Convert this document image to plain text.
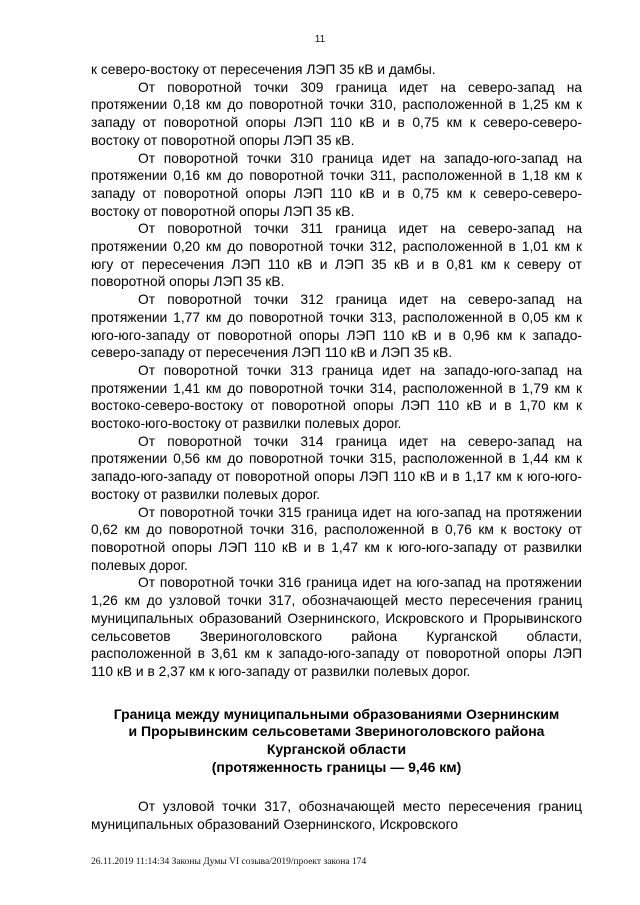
11

к северо-востоку от пересечения ЛЭП 35 кВ и дамбы.

От поворотной точки 309 граница идет на северо-запад на протяжении 0,18 км до поворотной точки 310, расположенной в 1,25 км к западу от поворотной опоры ЛЭП 110 кВ и в 0,75 км к северо-северо-востоку от поворотной опоры ЛЭП 35 кВ.

От поворотной точки 310 граница идет на западо-юго-запад на протяжении 0,16 км до поворотной точки 311, расположенной в 1,18 км к западу от поворотной опоры ЛЭП 110 кВ и в 0,75 км к северо-северо-востоку от поворотной опоры ЛЭП 35 кВ.

От поворотной точки 311 граница идет на северо-запад на протяжении 0,20 км до поворотной точки 312, расположенной в 1,01 км к югу от пересечения ЛЭП 110 кВ и ЛЭП 35 кВ и в 0,81 км к северу от поворотной опоры ЛЭП 35 кВ.

От поворотной точки 312 граница идет на северо-запад на протяжении 1,77 км до поворотной точки 313, расположенной в 0,05 км к юго-юго-западу от поворотной опоры ЛЭП 110 кВ и в 0,96 км к западо-северо-западу от пересечения ЛЭП 110 кВ и ЛЭП 35 кВ.

От поворотной точки 313 граница идет на западо-юго-запад на протяжении 1,41 км до поворотной точки 314, расположенной в 1,79 км к востоко-северо-востоку от поворотной опоры ЛЭП 110 кВ и в 1,70 км к востоко-юго-востоку от развилки полевых дорог.

От поворотной точки 314 граница идет на северо-запад на протяжении 0,56 км до поворотной точки 315, расположенной в 1,44 км к западо-юго-западу от поворотной опоры ЛЭП 110 кВ и в 1,17 км к юго-юго-востоку от развилки полевых дорог.

От поворотной точки 315 граница идет на юго-запад на протяжении 0,62 км до поворотной точки 316, расположенной в 0,76 км к востоку от поворотной опоры ЛЭП 110 кВ и в 1,47 км к юго-юго-западу от развилки полевых дорог.

От поворотной точки 316 граница идет на юго-запад на протяжении 1,26 км до узловой точки 317, обозначающей место пересечения границ муниципальных образований Озернинского, Искровского и Прорывинского сельсоветов Звериноголовского района Курганской области, расположенной в 3,61 км к западо-юго-западу от поворотной опоры ЛЭП 110 кВ и в 2,37 км к юго-западу от развилки полевых дорог.

Граница между муниципальными образованиями Озернинским
и Прорывинским сельсоветами Звериноголовского района
Курганской области
(протяженность границы — 9,46 км)

От узловой точки 317, обозначающей место пересечения границ муниципальных образований Озернинского, Искровского

26.11.2019 11:14:34 Законы Думы VI созыва/2019/проект закона 174
